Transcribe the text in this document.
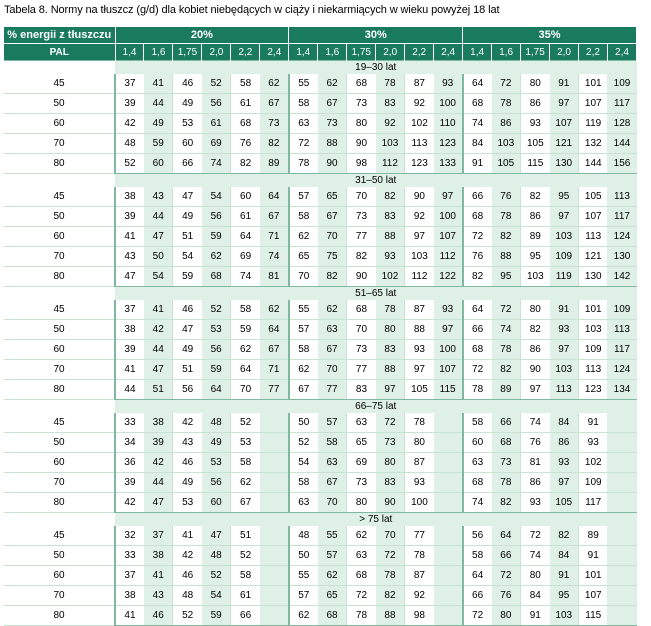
Tabela 8. Normy na tłuszcz (g/d) dla kobiet niebędących w ciąży i niekarmiących w wieku powyżej 18 lat
% energii z tłuszczu	20%						30%						35%					
PAL	1,4	1,6	1,75	2,0	2,2	2,4	1,4	1,6	1,75	2,0	2,2	2,4	1,4	1,6	1,75	2,0	2,2	2,4
Masa ciała (kg)	19–30 lat																	
45	37	41	46	52	58	62	55	62	68	78	87	93	64	72	80	91	101	109
50	39	44	49	56	61	67	58	67	73	83	92	100	68	78	86	97	107	117
60	42	49	53	61	68	73	63	73	80	92	102	110	74	86	93	107	119	128
70	48	59	60	69	76	82	72	88	90	103	113	123	84	103	105	121	132	144
80	52	60	66	74	82	89	78	90	98	112	123	133	91	105	115	130	144	156
	31–50 lat																	
45	38	43	47	54	60	64	57	65	70	82	90	97	66	76	82	95	105	113
50	39	44	49	56	61	67	58	67	73	83	92	100	68	78	86	97	107	117
60	41	47	51	59	64	71	62	70	77	88	97	107	72	82	89	103	113	124
70	43	50	54	62	69	74	65	75	82	93	103	112	76	88	95	109	121	130
80	47	54	59	68	74	81	70	82	90	102	112	122	82	95	103	119	130	142
	51–65 lat																	
45	37	41	46	52	58	62	55	62	68	78	87	93	64	72	80	91	101	109
50	38	42	47	53	59	64	57	63	70	80	88	97	66	74	82	93	103	113
60	39	44	49	56	62	67	58	67	73	83	93	100	68	78	86	97	109	117
70	41	47	51	59	64	71	62	70	77	88	97	107	72	82	90	103	113	124
80	44	51	56	64	70	77	67	77	83	97	105	115	78	89	97	113	123	134
	66–75 lat																	
45	33	38	42	48	52		50	57	63	72	78		58	66	74	84	91	
50	34	39	43	49	53		52	58	65	73	80		60	68	76	86	93	
60	36	42	46	53	58		54	63	69	80	87		63	73	81	93	102	
70	39	44	49	56	62		58	67	73	83	93		68	78	86	97	109	
80	42	47	53	60	67		63	70	80	90	100		74	82	93	105	117	
	> 75 lat																	
45	32	37	41	47	51		48	55	62	70	77		56	64	72	82	89	
50	33	38	42	48	52		50	57	63	72	78		58	66	74	84	91	
60	37	41	46	52	58		55	62	68	78	87		64	72	80	91	101	
70	38	43	48	54	61		57	65	72	82	92		66	76	84	95	107	
80	41	46	52	59	66		62	68	78	88	98		72	80	91	103	115	
